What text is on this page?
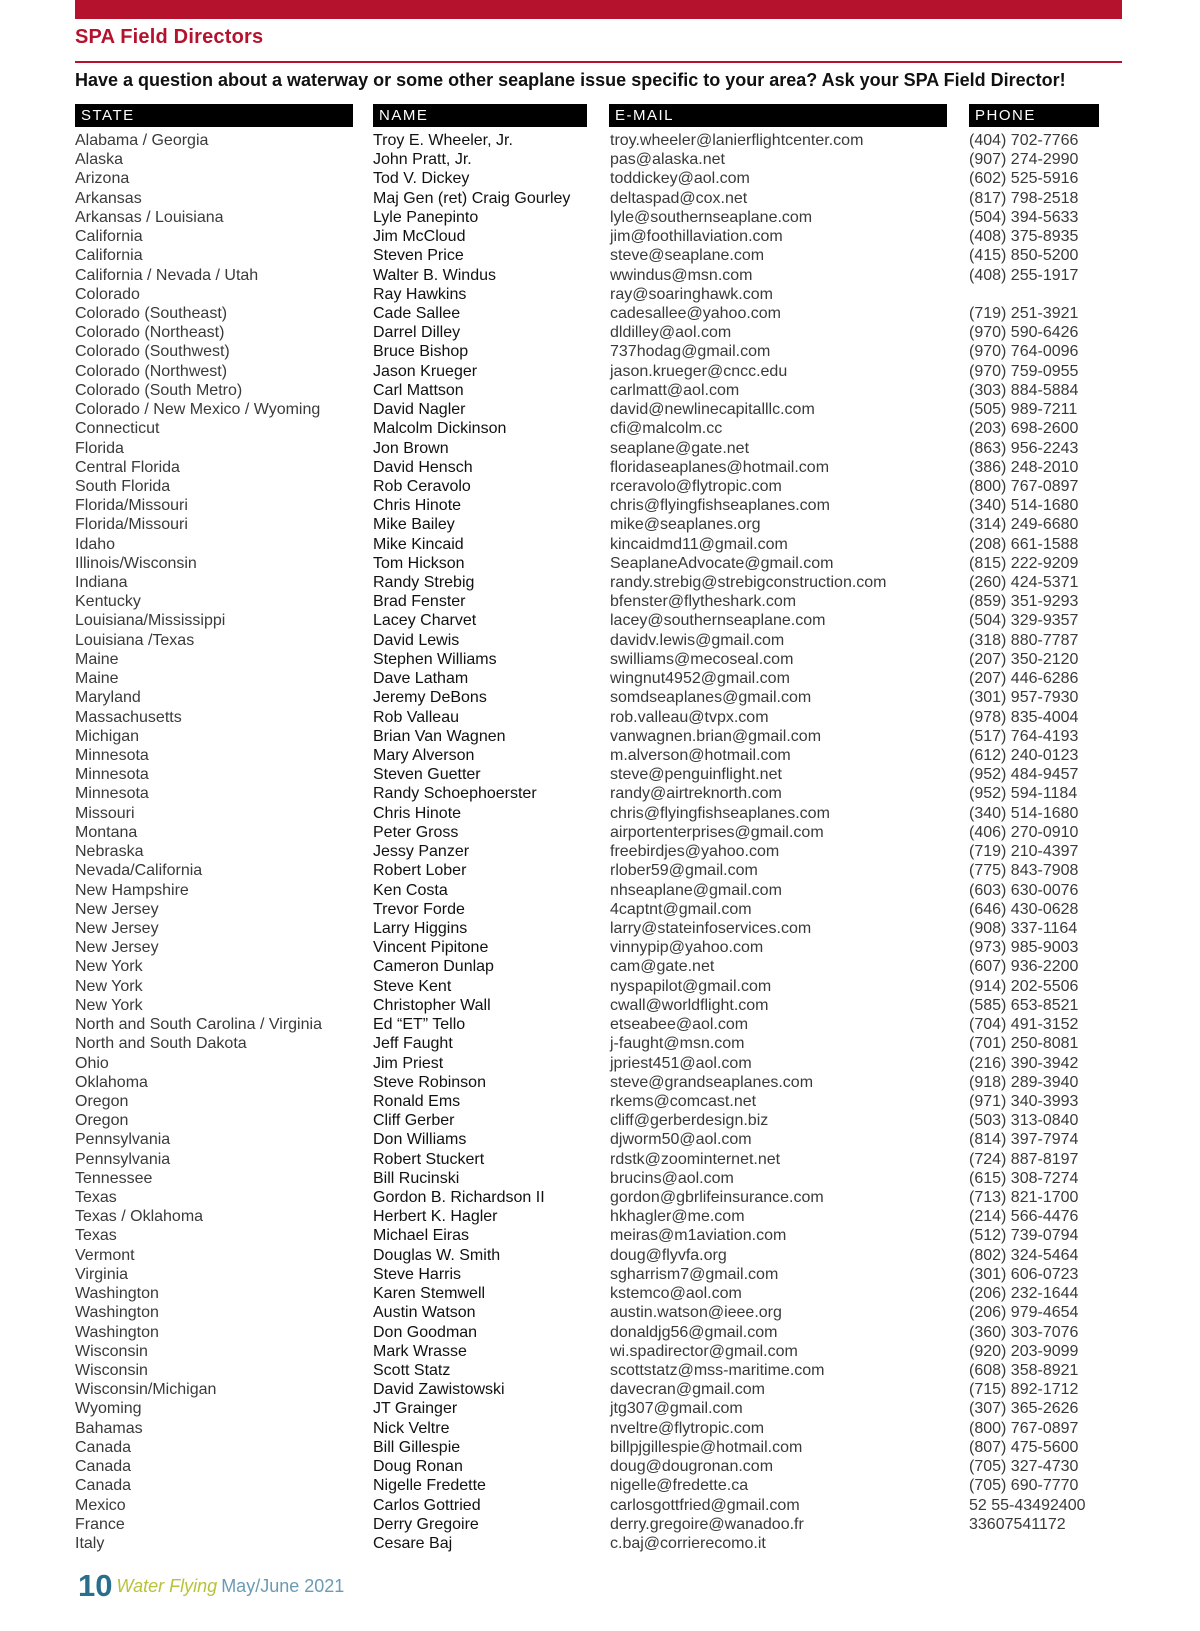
SPA Field Directors
Have a question about a waterway or some other seaplane issue specific to your area? Ask your SPA Field Director!
STATE	NAME	E-MAIL	PHONE
Alabama / Georgia	Troy E. Wheeler, Jr.	troy.wheeler@lanierflightcenter.com	(404) 702-7766
Alaska	John Pratt, Jr.	pas@alaska.net	(907) 274-2990
Arizona	Tod V. Dickey	toddickey@aol.com	(602) 525-5916
Arkansas	Maj Gen (ret) Craig Gourley deltaspad@cox.net	(817) 798-2518
Arkansas / Louisiana	Lyle Panepinto	lyle@southernseaplane.com	(504) 394-5633
California	Jim McCloud	jim@foothillaviation.com	(408) 375-8935
California	Steven Price	steve@seaplane.com	(415) 850-5200
California / Nevada / Utah	Walter B. Windus	wwindus@msn.com	(408) 255-1917
Colorado	Ray Hawkins	ray@soaringhawk.com
Colorado (Southeast)	Cade Sallee	cadesallee@yahoo.com	(719) 251-3921
Colorado (Northeast)	Darrel Dilley	dldilley@aol.com	(970) 590-6426
Colorado (Southwest)	Bruce Bishop	737hodag@gmail.com	(970) 764-0096
Colorado (Northwest)	Jason Krueger	jason.krueger@cncc.edu	(970) 759-0955
Colorado (South Metro)	Carl Mattson	carlmatt@aol.com	(303) 884-5884
Colorado / New Mexico / Wyoming	David Nagler	david@newlinecapitalllc.com	(505) 989-7211
Connecticut	Malcolm Dickinson	cfi@malcolm.cc	(203) 698-2600
Florida	Jon Brown	seaplane@gate.net	(863) 956-2243
Central Florida	David Hensch	floridaseaplanes@hotmail.com	(386) 248-2010
South Florida	Rob Ceravolo	rceravolo@flytropic.com	(800) 767-0897
Florida/Missouri	Chris Hinote	chris@flyingfishseaplanes.com	(340) 514-1680
Florida/Missouri	Mike Bailey	mike@seaplanes.org	(314) 249-6680
Idaho	Mike Kincaid	kincaidmd11@gmail.com	(208) 661-1588
Illinois/Wisconsin	Tom Hickson	SeaplaneAdvocate@gmail.com	(815) 222-9209
Indiana	Randy Strebig	randy.strebig@strebigconstruction.com	(260) 424-5371
Kentucky	Brad Fenster	bfenster@flytheshark.com	(859) 351-9293
Louisiana/Mississippi	Lacey Charvet	lacey@southernseaplane.com	(504) 329-9357
Louisiana /Texas	David Lewis	davidv.lewis@gmail.com	(318) 880-7787
Maine	Stephen Williams	swilliams@mecoseal.com	(207) 350-2120
Maine	Dave Latham	wingnut4952@gmail.com	(207) 446-6286
Maryland	Jeremy DeBons	somdseaplanes@gmail.com	(301) 957-7930
Massachusetts	Rob Valleau	rob.valleau@tvpx.com	(978) 835-4004
Michigan	Brian Van Wagnen	vanwagnen.brian@gmail.com	(517) 764-4193
Minnesota	Mary Alverson	m.alverson@hotmail.com	(612) 240-0123
Minnesota	Steven Guetter	steve@penguinflight.net	(952) 484-9457
Minnesota	Randy Schoephoerster	randy@airtreknorth.com	(952) 594-1184
Missouri	Chris Hinote	chris@flyingfishseaplanes.com	(340) 514-1680
Montana	Peter Gross	airportenterprises@gmail.com	(406) 270-0910
Nebraska	Jessy Panzer	freebirdjes@yahoo.com	(719) 210-4397
Nevada/California	Robert Lober	rlober59@gmail.com	(775) 843-7908
New Hampshire	Ken Costa	nhseaplane@gmail.com	(603) 630-0076
New Jersey	Trevor Forde	4captnt@gmail.com	(646) 430-0628
New Jersey	Larry Higgins	larry@stateinfoservices.com	(908) 337-1164
New Jersey	Vincent Pipitone	vinnypip@yahoo.com	(973) 985-9003
New York	Cameron Dunlap	cam@gate.net	(607) 936-2200
New York	Steve Kent	nyspapilot@gmail.com	(914) 202-5506
New York	Christopher Wall	cwall@worldflight.com	(585) 653-8521
North and South Carolina / Virginia	Ed “ET” Tello	etseabee@aol.com	(704) 491-3152
North and South Dakota	Jeff Faught	j-faught@msn.com	(701) 250-8081
Ohio	Jim Priest	jpriest451@aol.com	(216) 390-3942
Oklahoma	Steve Robinson	steve@grandseaplanes.com	(918) 289-3940
Oregon	Ronald Ems	rkems@comcast.net	(971) 340-3993
Oregon	Cliff Gerber	cliff@gerberdesign.biz	(503) 313-0840
Pennsylvania	Don Williams	djworm50@aol.com	(814) 397-7974
Pennsylvania	Robert Stuckert	rdstk@zoominternet.net	(724) 887-8197
Tennessee	Bill Rucinski	brucins@aol.com	(615) 308-7274
Texas	Gordon B. Richardson II	gordon@gbrlifeinsurance.com	(713) 821-1700
Texas / Oklahoma	Herbert K. Hagler	hkhagler@me.com	(214) 566-4476
Texas	Michael Eiras	meiras@m1aviation.com	(512) 739-0794
Vermont	Douglas W. Smith	doug@flyvfa.org	(802) 324-5464
Virginia	Steve Harris	sgharrism7@gmail.com	(301) 606-0723
Washington	Karen Stemwell	kstemco@aol.com	(206) 232-1644
Washington	Austin Watson	austin.watson@ieee.org	(206) 979-4654
Washington	Don Goodman	donaldjg56@gmail.com	(360) 303-7076
Wisconsin	Mark Wrasse	wi.spadirector@gmail.com	(920) 203-9099
Wisconsin	Scott Statz	scottstatz@mss-maritime.com	(608) 358-8921
Wisconsin/Michigan	David Zawistowski	davecran@gmail.com	(715) 892-1712
Wyoming	JT Grainger	jtg307@gmail.com	(307) 365-2626
Bahamas	Nick Veltre	nveltre@flytropic.com	(800) 767-0897
Canada	Bill Gillespie	billpjgillespie@hotmail.com	(807) 475-5600
Canada	Doug Ronan	doug@dougronan.com	(705) 327-4730
Canada	Nigelle Fredette	nigelle@fredette.ca	(705) 690-7770
Mexico	Carlos Gottried	carlosgottfried@gmail.com	52 55-43492400
France	Derry Gregoire	derry.gregoire@wanadoo.fr	33607541172
Italy	Cesare Baj	c.baj@corrierecomo.it
10 Water Flying May/June 2021
